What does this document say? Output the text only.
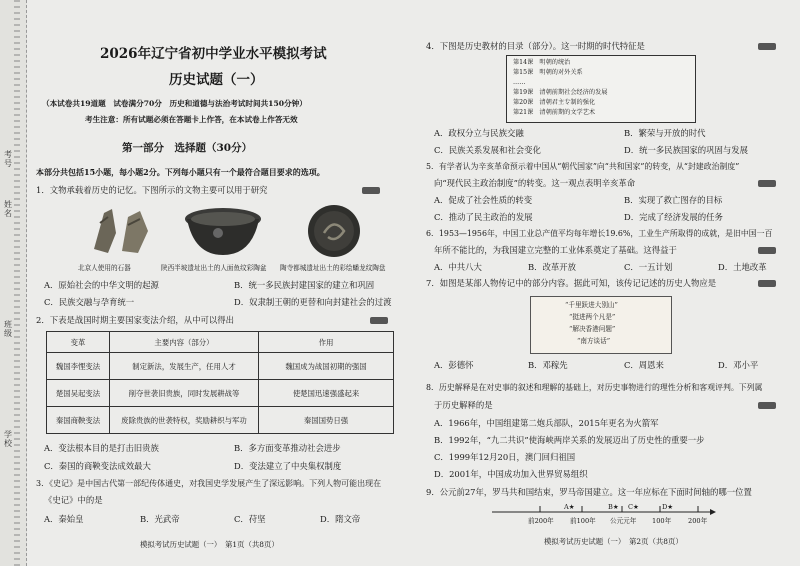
考号
姓名
班级
学校
2026年辽宁省初中学业水平模拟考试
历史试题（一）
（本试卷共19道题　试卷满分70分　历史和道德与法治考试时间共150分钟）
考生注意：所有试题必须在答题卡上作答，在本试卷上作答无效
第一部分　选择题（30分）
本部分共包括15小题，每小题2分。下列每小题只有一个最符合题目要求的选项。
1．文物承载着历史的记忆。下图所示的文物主要可以用于研究
北京人使用的石器	陕西半坡遗址出土的人面鱼纹彩陶盆 陶寺都城遗址出土的彩绘蟠龙纹陶盘
A．原始社会的中华文明的起源	B．统一多民族封建国家的建立和巩固
C．民族交融与孕育统一	D．奴隶制王朝的更替和向封建社会的过渡
2．下表是战国时期主要国家变法介绍，从中可以得出
变革	主要内容（部分）	作用
魏国李悝变法	制定新法，发展生产，任用人才	魏国成为战国初期的强国
楚国吴起变法	削夺世袭旧贵族，同时发展耕战等	使楚国迅速强盛起来
秦国商鞅变法	废除贵族的世袭特权，奖励耕织与军功	秦国国势日强
A．变法根本目的是打击旧贵族	B．多方面变革推动社会进步
C．秦国的商鞅变法成效最大	D．变法建立了中央集权制度
3．《史记》是中国古代第一部纪传体通史，对我国史学发展产生了深远影响。下列人物可能出现在
《史记》中的是
A．秦始皇	B．光武帝	C．苻坚	D．隋文帝
模拟考试历史试题（一）　第1页（共8页）
4．下图是历史教材的目录（部分）。这一时期的时代特征是
第14课　明朝的统治
第15课　明朝的对外关系
……
第19课　清朝前期社会经济的发展
第20课　清朝君主专制的强化
第21课　清朝前期的文学艺术
A．政权分立与民族交融	B．繁荣与开放的时代
C．民族关系发展和社会变化	D．统一多民族国家的巩固与发展
5．有学者认为辛亥革命预示着中国从“朝代国家”向“共和国家”的转变，从“封建政治制度”
向“现代民主政治制度”的转变。这一观点表明辛亥革命
A．促成了社会性质的转变	B．实现了救亡图存的目标
C．推动了民主政治的发展	D．完成了经济发展的任务
6．1953—1956年，中国工业总产值平均每年增长19.6%，工业生产所取得的成就，是旧中国一百
年所不能比的，为我国建立完整的工业体系奠定了基础。这得益于
A．中共八大	B．改革开放	C．一五计划	D．土地改革
7．如图是某部人物传记中的部分内容。据此可知，该传记记述的历史人物应是
“千里跃进大别山”
“挺进两个凡是”
“解决香港问题”
“南方谈话”
A．彭德怀	B．邓稼先	C．周恩来	D．邓小平
8．历史解释是在对史事的叙述和理解的基础上，对历史事物进行的理性分析和客观评判。下列属
于历史解释的是
A．1966年，中国组建第二炮兵部队，2015年更名为火箭军
B．1992年，“九二共识”使海峡两岸关系的发展迈出了历史性的重要一步
C．1999年12月20日，澳门回归祖国
D．2001年，中国成功加入世界贸易组织
9．公元前27年，罗马共和国结束，罗马帝国建立。这一年应标在下面时间轴的哪一位置
A★	B★ C★	D★
前200年 前100年 公元元年 100年	200年
模拟考试历史试题（一）　第2页（共8页）
